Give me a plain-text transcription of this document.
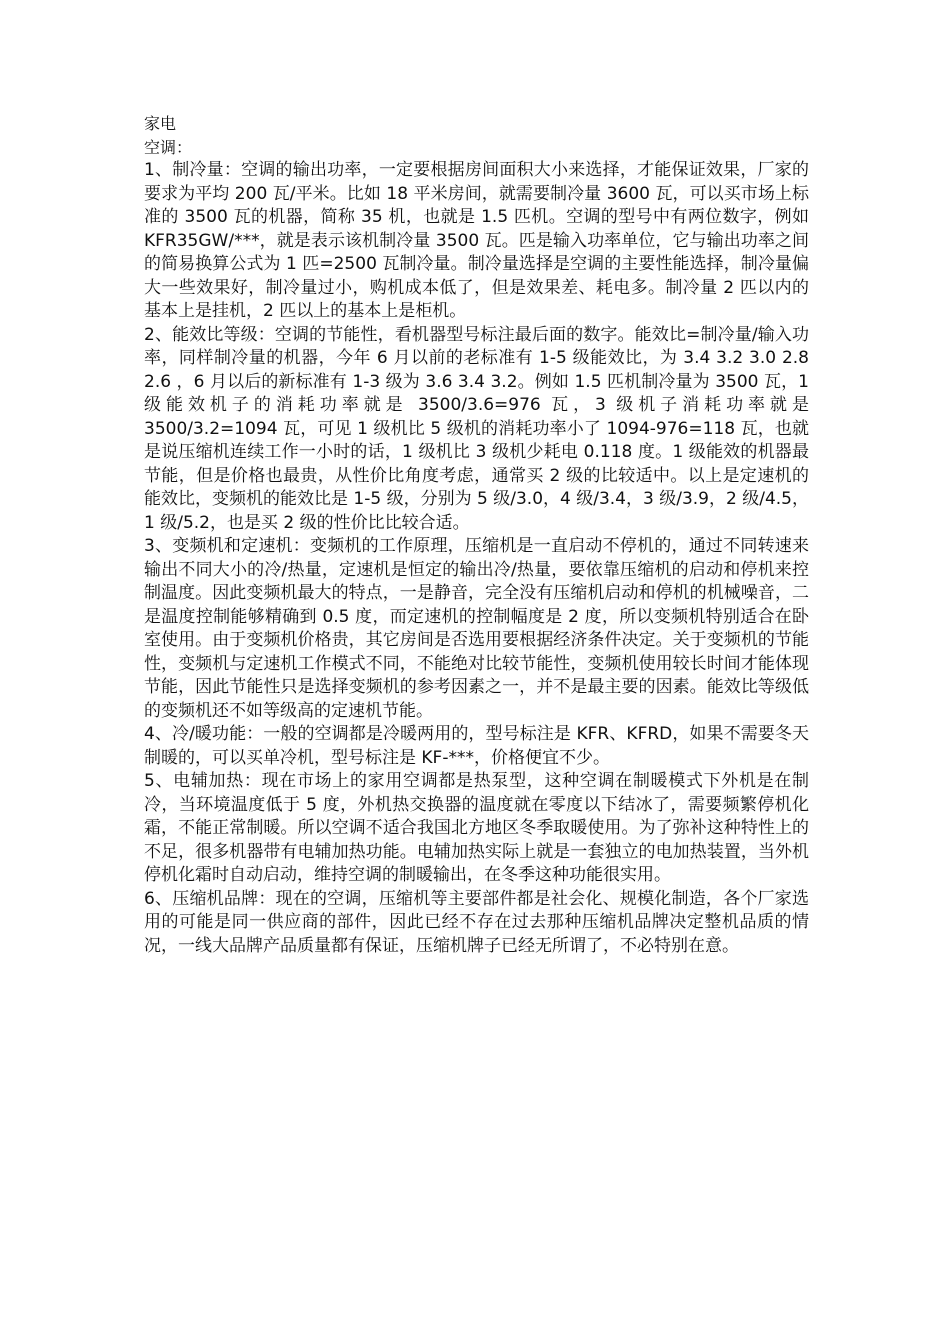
家电

空调：

1、制冷量：空调的输出功率，一定要根据房间面积大小来选择，才能保证效果，厂家的要求为平均 200 瓦/平米。比如 18 平米房间，就需要制冷量 3600 瓦，可以买市场上标准的 3500 瓦的机器，简称 35 机，也就是 1.5 匹机。空调的型号中有两位数字，例如 KFR35GW/***，就是表示该机制冷量 3500 瓦。匹是输入功率单位，它与输出功率之间的简易换算公式为 1 匹=2500 瓦制冷量。制冷量选择是空调的主要性能选择，制冷量偏大一些效果好，制冷量过小，购机成本低了，但是效果差、耗电多。制冷量 2 匹以内的基本上是挂机，2 匹以上的基本上是柜机。

2、能效比等级：空调的节能性，看机器型号标注最后面的数字。能效比=制冷量/输入功率，同样制冷量的机器，今年 6 月以前的老标准有 1-5 级能效比，为 3.4 3.2 3.0 2.8 2.6 ，6 月以后的新标准有 1-3 级为 3.6 3.4 3.2。例如 1.5 匹机制冷量为 3500 瓦，1 级能效机子的消耗功率就是 3500/3.6=976 瓦，3 级机子消耗功率就是 3500/3.2=1094 瓦，可见 1 级机比 5 级机的消耗功率小了 1094-976=118 瓦，也就是说压缩机连续工作一小时的话，1 级机比 3 级机少耗电 0.118 度。1 级能效的机器最节能，但是价格也最贵，从性价比角度考虑，通常买 2 级的比较适中。以上是定速机的能效比，变频机的能效比是 1-5 级，分别为 5 级/3.0，4 级/3.4，3 级/3.9，2 级/4.5，1 级/5.2，也是买 2 级的性价比比较合适。

3、变频机和定速机：变频机的工作原理，压缩机是一直启动不停机的，通过不同转速来输出不同大小的冷/热量，定速机是恒定的输出冷/热量，要依靠压缩机的启动和停机来控制温度。因此变频机最大的特点，一是静音，完全没有压缩机启动和停机的机械噪音，二是温度控制能够精确到 0.5 度，而定速机的控制幅度是 2 度，所以变频机特别适合在卧室使用。由于变频机价格贵，其它房间是否选用要根据经济条件决定。关于变频机的节能性，变频机与定速机工作模式不同，不能绝对比较节能性，变频机使用较长时间才能体现节能，因此节能性只是选择变频机的参考因素之一，并不是最主要的因素。能效比等级低的变频机还不如等级高的定速机节能。

4、冷/暖功能：一般的空调都是冷暖两用的，型号标注是 KFR、KFRD，如果不需要冬天制暖的，可以买单冷机，型号标注是 KF-***，价格便宜不少。

5、电辅加热：现在市场上的家用空调都是热泵型，这种空调在制暖模式下外机是在制冷，当环境温度低于 5 度，外机热交换器的温度就在零度以下结冰了，需要频繁停机化霜，不能正常制暖。所以空调不适合我国北方地区冬季取暖使用。为了弥补这种特性上的不足，很多机器带有电辅加热功能。电辅加热实际上就是一套独立的电加热装置，当外机停机化霜时自动启动，维持空调的制暖输出，在冬季这种功能很实用。

6、压缩机品牌：现在的空调，压缩机等主要部件都是社会化、规模化制造，各个厂家选用的可能是同一供应商的部件，因此已经不存在过去那种压缩机品牌决定整机品质的情况，一线大品牌产品质量都有保证，压缩机牌子已经无所谓了，不必特别在意。
